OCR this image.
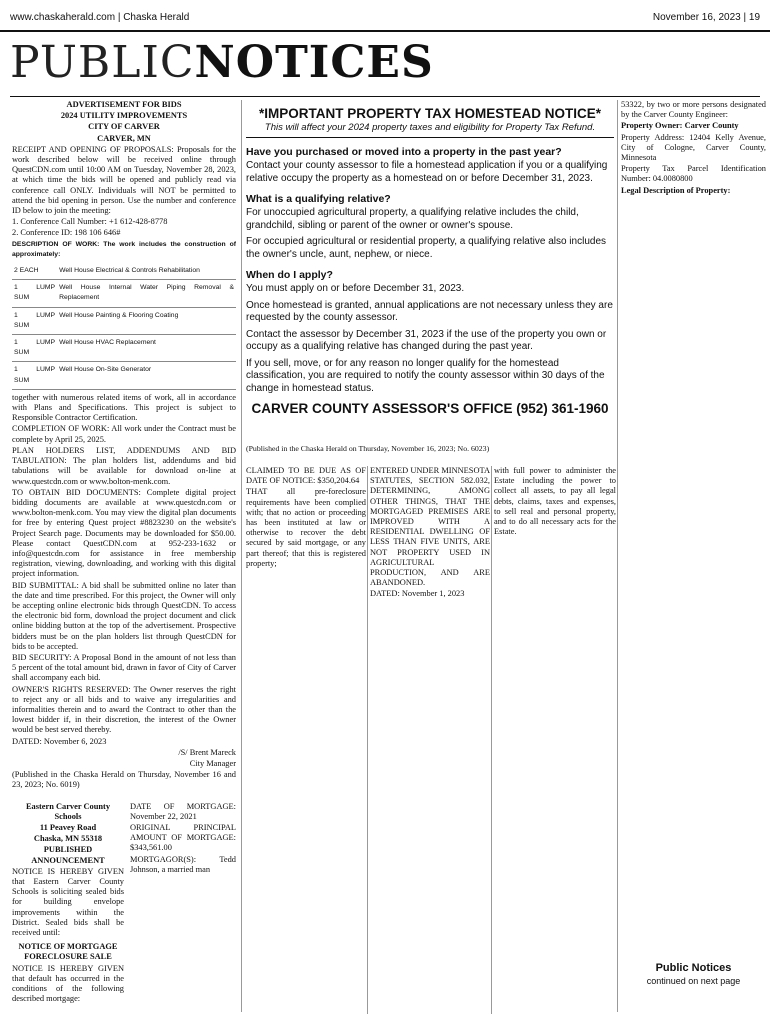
www.chaskaherald.com | Chaska Herald	November 16, 2023 | 19
PUBLICNOTICES

ADVERTISEMENT FOR BIDS

2024 UTILITY IMPROVEMENTS

CITY OF CARVER

CARVER, MN

RECEIPT AND OPENING OF PROPOSALS: Proposals for the work described below will be received online through QuestCDN.com until 10:00 AM on Tuesday, November 28, 2023, at which time the bids will be opened and publicly read via conference call ONLY. Individuals will NOT be permitted to attend the bid opening in person. Use the number and conference ID below to join the meeting:

1. Conference Call Number: +1 612-428-8778

2. Conference ID: 198 106 646#

DESCRIPTION OF WORK: The work includes the construction of approximately:

2 EACH	Well House Electrical & Controls Rehabilitation
1 LUMP SUM	Well House Internal Water Piping Removal & Replacement
1 LUMP SUM	Well House Painting & Flooring Coating
1 LUMP SUM	Well House HVAC Replacement
1 LUMP SUM	Well House On-Site Generator

together with numerous related items of work, all in accordance with Plans and Specifications. This project is subject to Responsible Contractor Certification.

COMPLETION OF WORK: All work under the Contract must be complete by April 25, 2025.

PLAN HOLDERS LIST, ADDENDUMS AND BID TABULATION: The plan holders list, addendums and bid tabulations will be available for download on-line at www.questcdn.com or www.bolton-menk.com.

TO OBTAIN BID DOCUMENTS: Complete digital project bidding documents are available at www.questcdn.com or www.bolton-menk.com. You may view the digital plan documents for free by entering Quest project #8823230 on the website's Project Search page. Documents may be downloaded for $50.00. Please contact QuestCDN.com at 952-233-1632 or info@questcdn.com for assistance in free membership registration, viewing, downloading, and working with this digital project information.

BID SUBMITTAL: A bid shall be submitted online no later than the date and time prescribed. For this project, the Owner will only be accepting online electronic bids through QuestCDN. To access the electronic bid form, download the project document and click online bidding button at the top of the advertisement. Prospective bidders must be on the plan holders list through QuestCDN for bids to be accepted.

BID SECURITY: A Proposal Bond in the amount of not less than 5 percent of the total amount bid, drawn in favor of City of Carver shall accompany each bid.

OWNER'S RIGHTS RESERVED: The Owner reserves the right to reject any or all bids and to waive any irregularities and informalities therein and to award the Contract to other than the lowest bidder if, in their discretion, the interest of the Owner would be best served thereby.

DATED: November 6, 2023

/S/ Brent Mareck

City Manager

(Published in the Chaska Herald on Thursday, November 16 and 23, 2023; No. 6019)

Eastern Carver County Schools

11 Peavey Road

Chaska, MN 55318

PUBLISHED ANNOUNCEMENT

NOTICE IS HEREBY GIVEN that Eastern Carver County Schools is soliciting sealed bids for building envelope improvements within the District. Sealed bids shall be received until:

NOTICE OF MORTGAGE FORECLOSURE SALE

NOTICE IS HEREBY GIVEN that default has occurred in the conditions of the following described mortgage:

DATE OF MORTGAGE: November 22, 2021

ORIGINAL PRINCIPAL AMOUNT OF MORTGAGE: $343,561.00

MORTGAGOR(S): Tedd Johnson, a married man

*IMPORTANT PROPERTY TAX HOMESTEAD NOTICE*
This will affect your 2024 property taxes and eligibility for Property Tax Refund.
Have you purchased or moved into a property in the past year?
Contact your county assessor to file a homestead application if you or a qualifying relative occupy the property as a homestead on or before December 31, 2023.
What is a qualifying relative?
For unoccupied agricultural property, a qualifying relative includes the child, grandchild, sibling or parent of the owner or owner's spouse.
For occupied agricultural or residential property, a qualifying relative also includes the owner's uncle, aunt, nephew, or niece.
When do I apply?
You must apply on or before December 31, 2023.
Once homestead is granted, annual applications are not necessary unless they are requested by the county assessor.
Contact the assessor by December 31, 2023 if the use of the property you own or occupy as a qualifying relative has changed during the past year.
If you sell, move, or for any reason no longer qualify for the homestead classification, you are required to notify the county assessor within 30 days of the change in homestead status.
CARVER COUNTY ASSESSOR'S OFFICE (952) 361-1960
(Published in the Chaska Herald on Thursday, November 16, 2023; No. 6023)

CLAIMED TO BE DUE AS OF DATE OF NOTICE: $350,204.64

THAT all pre-foreclosure requirements have been complied with; that no action or proceeding has been instituted at law or otherwise to recover the debt secured by said mortgage, or any part thereof; that this is registered property;

ENTERED UNDER MINNESOTA STATUTES, SECTION 582.032, DETERMINING, AMONG OTHER THINGS, THAT THE MORTGAGED PREMISES ARE IMPROVED WITH A RESIDENTIAL DWELLING OF LESS THAN FIVE UNITS, ARE NOT PROPERTY USED IN AGRICULTURAL PRODUCTION, AND ARE ABANDONED.

DATED: November 1, 2023

with full power to administer the Estate including the power to collect all assets, to pay all legal debts, claims, taxes and expenses, to sell real and personal property, and to do all necessary acts for the Estate.

53322, by two or more persons designated by the Carver County Engineer:

Property Owner: Carver County

Property Address: 12404 Kelly Avenue, City of Cologne, Carver County, Minnesota

Property Tax Parcel Identification Number: 04.0080800

Legal Description of Property:

Public Notices
continued on next page
